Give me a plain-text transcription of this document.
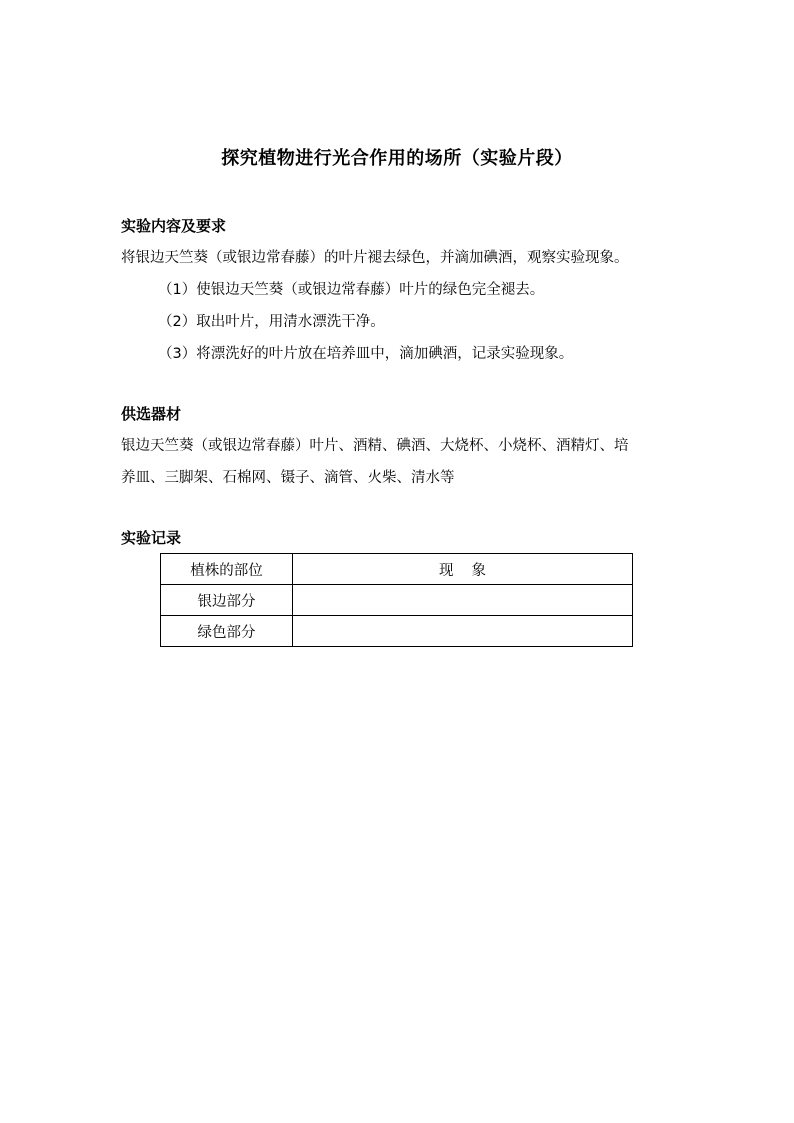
探究植物进行光合作用的场所（实验片段）
实验内容及要求
将银边天竺葵（或银边常春藤）的叶片褪去绿色，并滴加碘酒，观察实验现象。
（1）使银边天竺葵（或银边常春藤）叶片的绿色完全褪去。
（2）取出叶片，用清水漂洗干净。
（3）将漂洗好的叶片放在培养皿中，滴加碘酒，记录实验现象。
供选器材
银边天竺葵（或银边常春藤）叶片、酒精、碘酒、大烧杯、小烧杯、酒精灯、培
养皿、三脚架、石棉网、镊子、滴管、火柴、清水等
实验记录
植株的部位	现象
银边部分	
绿色部分	
